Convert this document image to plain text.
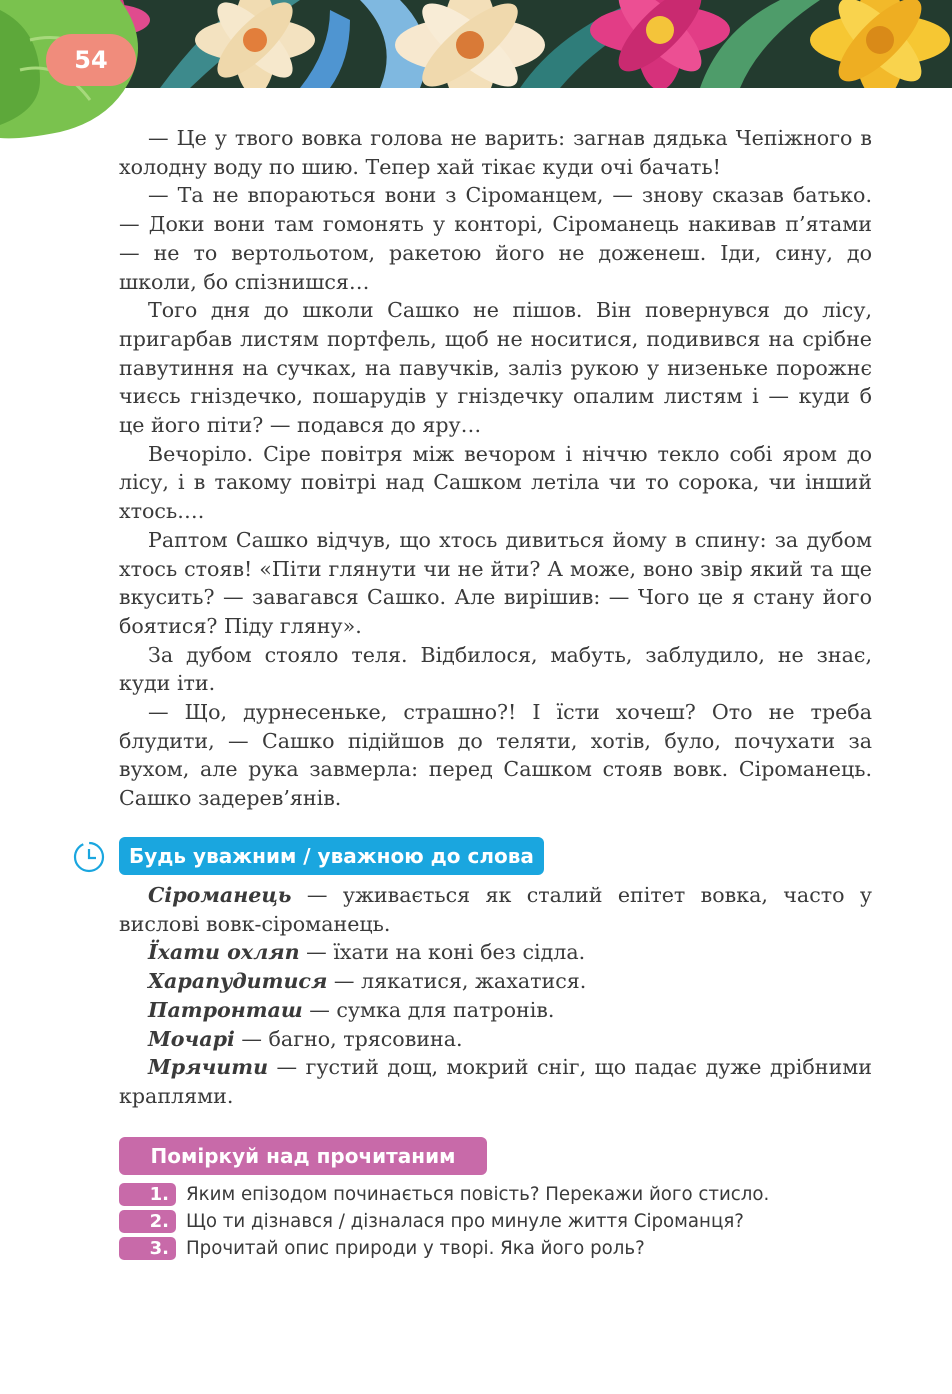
54

— Це у твого вовка голова не варить: загнав дядька Чепіжного в холодну воду по шию. Тепер хай тікає куди очі бачать!

— Та не впораються вони з Сіроманцем, — знову сказав батько. — Доки вони там гомонять у конторі, Сіроманець накивав п’ятами — не то вертольотом, ракетою його не доженеш. Іди, сину, до школи, бо спізнишся…

Того дня до школи Сашко не пішов. Він повернувся до лісу, пригарбав листям портфель, щоб не носитися, подивився на срібне павутиння на сучках, на павучків, заліз рукою у низеньке порожнє чиєсь гніздечко, пошарудів у гніздечку опалим листям і — куди б це його піти? — подався до яру…

Вечоріло. Сіре повітря між вечором і ніччю текло собі яром до лісу, і в такому повітрі над Сашком летіла чи то сорока, чи інший хтось….

Раптом Сашко відчув, що хтось дивиться йому в спину: за дубом хтось стояв! «Піти глянути чи не йти? А може, воно звір який та ще вкусить? — завагався Сашко. Але вирішив: — Чого це я стану його боятися? Піду гляну».

За дубом стояло теля. Відбилося, мабуть, заблудило, не знає, куди іти.

— Що, дурнесеньке, страшно?! І їсти хочеш? Ото не треба блудити, — Сашко підійшов до теляти, хотів, було, почухати за вухом, але рука завмерла: перед Сашком стояв вовк. Сіроманець. Сашко задерев’янів.

Будь уважним / уважною до слова

Сіроманець — уживається як сталий епітет вовка, часто у вислові вовк-сіроманець.

Їхати охляп — їхати на коні без сідла.

Харапудитися — лякатися, жахатися.

Патронташ — сумка для патронів.

Мочарі — багно, трясовина.

Мрячити — густий дощ, мокрий сніг, що падає дуже дрібними краплями.

Поміркуй над прочитаним
1. Яким епізодом починається повість? Перекажи його стисло.
2. Що ти дізнався / дізналася про минуле життя Сіроманця?
3. Прочитай опис природи у творі. Яка його роль?
